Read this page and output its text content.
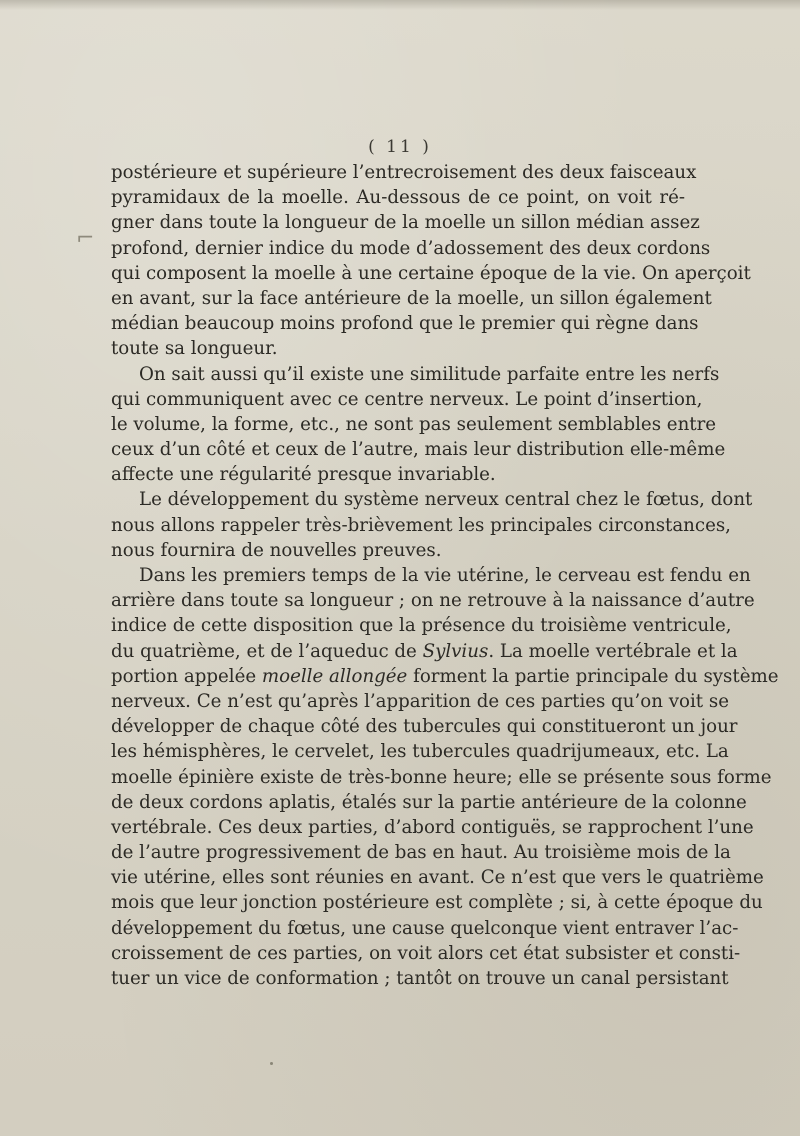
( 11 )
⌐
postérieure et supérieure l’entrecroisement des deux faisceaux
pyramidaux de la moelle. Au-dessous de ce point, on voit ré-
gner dans toute la longueur de la moelle un sillon médian assez
profond, dernier indice du mode d’adossement des deux cordons
qui composent la moelle à une certaine époque de la vie. On aperçoit
en avant, sur la face antérieure de la moelle, un sillon également
médian beaucoup moins profond que le premier qui règne dans
toute sa longueur.
On sait aussi qu’il existe une similitude parfaite entre les nerfs
qui communiquent avec ce centre nerveux. Le point d’insertion,
le volume, la forme, etc., ne sont pas seulement semblables entre
ceux d’un côté et ceux de l’autre, mais leur distribution elle-même
affecte une régularité presque invariable.
Le développement du système nerveux central chez le fœtus, dont
nous allons rappeler très-brièvement les principales circonstances,
nous fournira de nouvelles preuves.
Dans les premiers temps de la vie utérine, le cerveau est fendu en
arrière dans toute sa longueur ; on ne retrouve à la naissance d’autre
indice de cette disposition que la présence du troisième ventricule,
du quatrième, et de l’aqueduc de Sylvius. La moelle vertébrale et la
portion appelée moelle allongée forment la partie principale du système
nerveux. Ce n’est qu’après l’apparition de ces parties qu’on voit se
développer de chaque côté des tubercules qui constitueront un jour
les hémisphères, le cervelet, les tubercules quadrijumeaux, etc. La
moelle épinière existe de très-bonne heure; elle se présente sous forme
de deux cordons aplatis, étalés sur la partie antérieure de la colonne
vertébrale. Ces deux parties, d’abord contiguës, se rapprochent l’une
de l’autre progressivement de bas en haut. Au troisième mois de la
vie utérine, elles sont réunies en avant. Ce n’est que vers le quatrième
mois que leur jonction postérieure est complète ; si, à cette époque du
développement du fœtus, une cause quelconque vient entraver l’ac-
croissement de ces parties, on voit alors cet état subsister et consti-
tuer un vice de conformation ; tantôt on trouve un canal persistant
